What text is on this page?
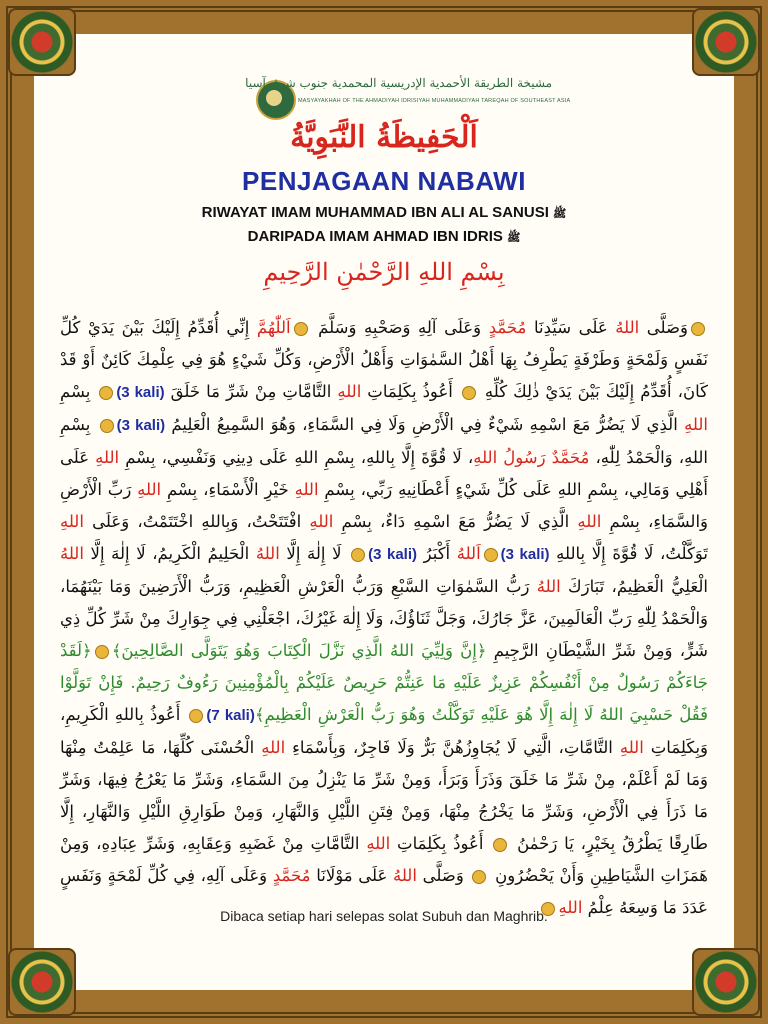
مشيخة الطريقة الأحمدية الإدريسية المحمدية جنوب شرق آسيا
MASYAYAKHAH OF THE AHMADIYAH IDRISIYAH MUHAMMADIYAH TAREQAH OF SOUTHEAST ASIA
اَلْحَفِيظَةُ النَّبَوِيَّةُ
PENJAGAAN NABAWI
RIWAYAT IMAM MUHAMMAD IBN ALI AL SANUSI ﷺ
DARIPADA IMAM AHMAD IBN IDRIS ﷺ
بِسْمِ اللهِ الرَّحْمٰنِ الرَّحِيمِ
وَصَلَّى اللهُ عَلَى سَيِّدِنَا مُحَمَّدٍ وَعَلَى آلِهِ وَصَحْبِهِ وَسَلَّمَ اَللّٰهُمَّ إِنِّي أُقَدِّمُ إِلَيْكَ بَيْنَ يَدَيْ كُلِّ نَفَسٍ وَلَمْحَةٍ وَطَرْفَةٍ يَطْرِفُ بِهَا أَهْلُ السَّمٰوَاتِ وَأَهْلُ الْأَرْضِ، وَكُلِّ شَيْءٍ هُوَ فِي عِلْمِكَ كَائِنٌ أَوْ قَدْ كَانَ، أُقَدِّمُ إِلَيْكَ بَيْنَ يَدَيْ ذٰلِكَ كُلِّهِ  أَعُوذُ بِكَلِمَاتِ اللهِ التَّامَّاتِ مِنْ شَرِّ مَا خَلَقَ (3 kali) بِسْمِ اللهِ الَّذِي لَا يَضُرُّ مَعَ اسْمِهِ شَيْءٌ فِي الْأَرْضِ وَلَا فِي السَّمَاءِ، وَهُوَ السَّمِيعُ الْعَلِيمُ (3 kali) بِسْمِ اللهِ، وَالْحَمْدُ لِلّٰهِ، مُحَمَّدٌ رَسُولُ اللهِ، لَا قُوَّةَ إِلَّا بِاللهِ، بِسْمِ اللهِ عَلَى دِينِي وَنَفْسِي، بِسْمِ اللهِ عَلَى أَهْلِي وَمَالِي، بِسْمِ اللهِ عَلَى كُلِّ شَيْءٍ أَعْطَانِيهِ رَبِّي، بِسْمِ اللهِ خَيْرِ الْأَسْمَاءِ، بِسْمِ اللهِ رَبِّ الْأَرْضِ وَالسَّمَاءِ، بِسْمِ اللهِ الَّذِي لَا يَضُرُّ مَعَ اسْمِهِ دَاءٌ، بِسْمِ اللهِ افْتَتَحْتُ، وَبِاللهِ اخْتَتَمْتُ، وَعَلَى اللهِ تَوَكَّلْتُ، لَا قُوَّةَ إِلَّا بِاللهِ (3 kali)اَللهُ أَكْبَرُ (3 kali) لَا إِلٰهَ إِلَّا اللهُ الْحَلِيمُ الْكَرِيمُ، لَا إِلٰهَ إِلَّا اللهُ الْعَلِيُّ الْعَظِيمُ، تَبَارَكَ اللهُ رَبُّ السَّمٰوَاتِ السَّبْعِ وَرَبُّ الْعَرْشِ الْعَظِيمِ، وَرَبُّ الْأَرَضِينَ وَمَا بَيْنَهُمَا، وَالْحَمْدُ لِلّٰهِ رَبِّ الْعَالَمِينَ، عَزَّ جَارُكَ، وَجَلَّ ثَنَاؤُكَ، وَلَا إِلٰهَ غَيْرُكَ، اجْعَلْنِي فِي جِوَارِكَ مِنْ شَرِّ كُلِّ ذِي شَرٍّ، وَمِنْ شَرِّ الشَّيْطَانِ الرَّجِيمِ ﴿إِنَّ وَلِيِّيَ اللهُ الَّذِي نَزَّلَ الْكِتَابَ وَهُوَ يَتَوَلَّى الصَّالِحِينَ﴾﴿لَقَدْ جَاءَكُمْ رَسُولٌ مِنْ أَنْفُسِكُمْ عَزِيزٌ عَلَيْهِ مَا عَنِتُّمْ حَرِيصٌ عَلَيْكُمْ بِالْمُؤْمِنِينَ رَءُوفٌ رَحِيمٌ. فَإِنْ تَوَلَّوْا فَقُلْ حَسْبِيَ اللهُ لَا إِلٰهَ إِلَّا هُوَ عَلَيْهِ تَوَكَّلْتُ وَهُوَ رَبُّ الْعَرْشِ الْعَظِيمِ﴾(7 kali) أَعُوذُ بِاللهِ الْكَرِيمِ، وَبِكَلِمَاتِ اللهِ التَّامَّاتِ، الَّتِي لَا يُجَاوِزُهُنَّ بَرٌّ وَلَا فَاجِرٌ، وَبِأَسْمَاءِ اللهِ الْحُسْنَى كُلِّهَا، مَا عَلِمْتُ مِنْهَا وَمَا لَمْ أَعْلَمْ، مِنْ شَرِّ مَا خَلَقَ وَذَرَأَ وَبَرَأَ، وَمِنْ شَرِّ مَا يَنْزِلُ مِنَ السَّمَاءِ، وَشَرِّ مَا يَعْرُجُ فِيهَا، وَشَرِّ مَا ذَرَأَ فِي الْأَرْضِ، وَشَرِّ مَا يَخْرُجُ مِنْهَا، وَمِنْ فِتَنِ اللَّيْلِ وَالنَّهَارِ، وَمِنْ طَوَارِقِ اللَّيْلِ وَالنَّهَارِ، إِلَّا طَارِقًا يَطْرُقُ بِخَيْرٍ، يَا رَحْمٰنُ  أَعُوذُ بِكَلِمَاتِ اللهِ التَّامَّاتِ مِنْ غَضَبِهِ وَعِقَابِهِ، وَشَرِّ عِبَادِهِ، وَمِنْ هَمَزَاتِ الشَّيَاطِينِ وَأَنْ يَحْضُرُونِ  وَصَلَّى اللهُ عَلَى مَوْلَانَا مُحَمَّدٍ وَعَلَى آلِهِ، فِي كُلِّ لَمْحَةٍ وَنَفَسٍ عَدَدَ مَا وَسِعَهُ عِلْمُ اللهِ
Dibaca setiap hari selepas solat Subuh dan Maghrib.
